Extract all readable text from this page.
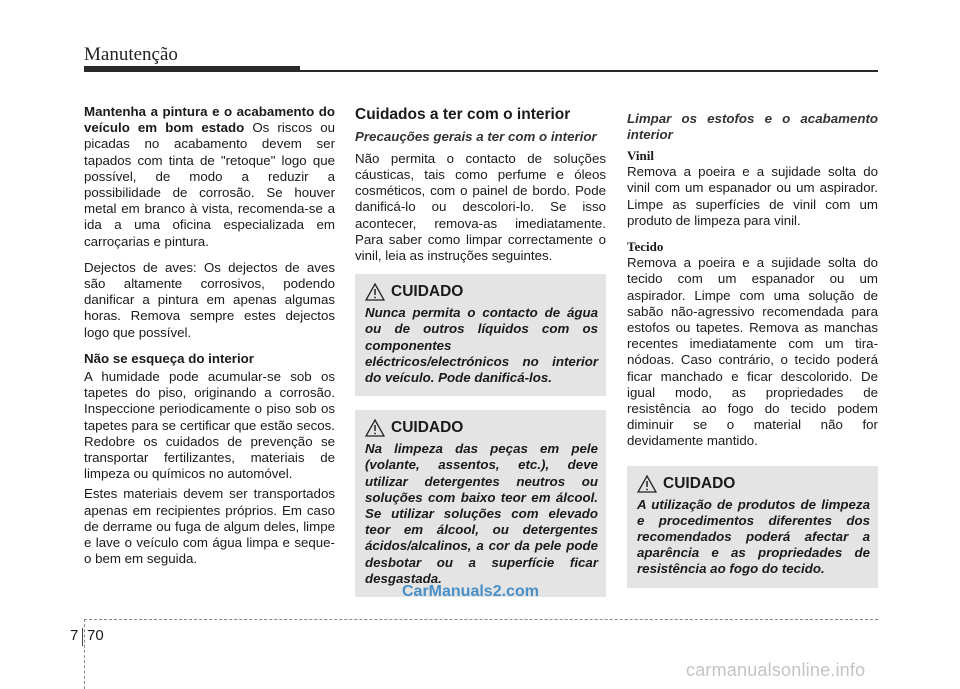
Manutenção

Mantenha a pintura e o acabamento do veículo em bom estado Os riscos ou picadas no acabamento devem ser tapados com tinta de "retoque" logo que possível, de modo a reduzir a possibilidade de corrosão. Se houver metal em branco à vista, recomenda-se a ida a uma oficina especializada em carroçarias e pintura.

Dejectos de aves: Os dejectos de aves são altamente corrosivos, podendo danificar a pintura em apenas algumas horas. Remova sempre estes dejectos logo que possível.

Não se esqueça do interior

A humidade pode acumular-se sob os tapetes do piso, originando a corrosão. Inspeccione periodicamente o piso sob os tapetes para se certificar que estão secos. Redobre os cuidados de prevenção se transportar fertilizantes, materiais de limpeza ou químicos no automóvel.

Estes materiais devem ser transportados apenas em recipientes próprios. Em caso de derrame ou fuga de algum deles, limpe e lave o veículo com água limpa e seque-o bem em seguida.

Cuidados a ter com o interior
Precauções gerais a ter com o interior

Não permita o contacto de soluções cáusticas, tais como perfume e óleos cosméticos, com o painel de bordo. Pode danificá-lo ou descolori-lo. Se isso acontecer, remova-as imediatamente. Para saber como limpar correctamente o vinil, leia as instruções seguintes.

CUIDADO

Nunca permita o contacto de água ou de outros líquidos com os componentes eléctricos/electrónicos no interior do veículo. Pode danificá-los.

CUIDADO

Na limpeza das peças em pele (volante, assentos, etc.), deve utilizar detergentes neutros ou soluções com baixo teor em álcool. Se utilizar soluções com elevado teor em álcool, ou detergentes ácidos/alcalinos, a cor da pele pode desbotar ou a superfície ficar desgastada.

Limpar os estofos e o acabamento interior
Vinil

Remova a poeira e a sujidade solta do vinil com um espanador ou um aspirador. Limpe as superfícies de vinil com um produto de limpeza para vinil.

Tecido

Remova a poeira e a sujidade solta do tecido com um espanador ou um aspirador. Limpe com uma solução de sabão não-agressivo recomendada para estofos ou tapetes. Remova as manchas recentes imediatamente com um tira-nódoas. Caso contrário, o tecido poderá ficar manchado e ficar descolorido. De igual modo, as propriedades de resistência ao fogo do tecido podem diminuir se o material não for devidamente mantido.

CUIDADO

A utilização de produtos de limpeza e procedimentos diferentes dos recomendados poderá afectar a aparência e as propriedades de resistência ao fogo do tecido.

CarManuals2.com
7 70
carmanualsonline.info
